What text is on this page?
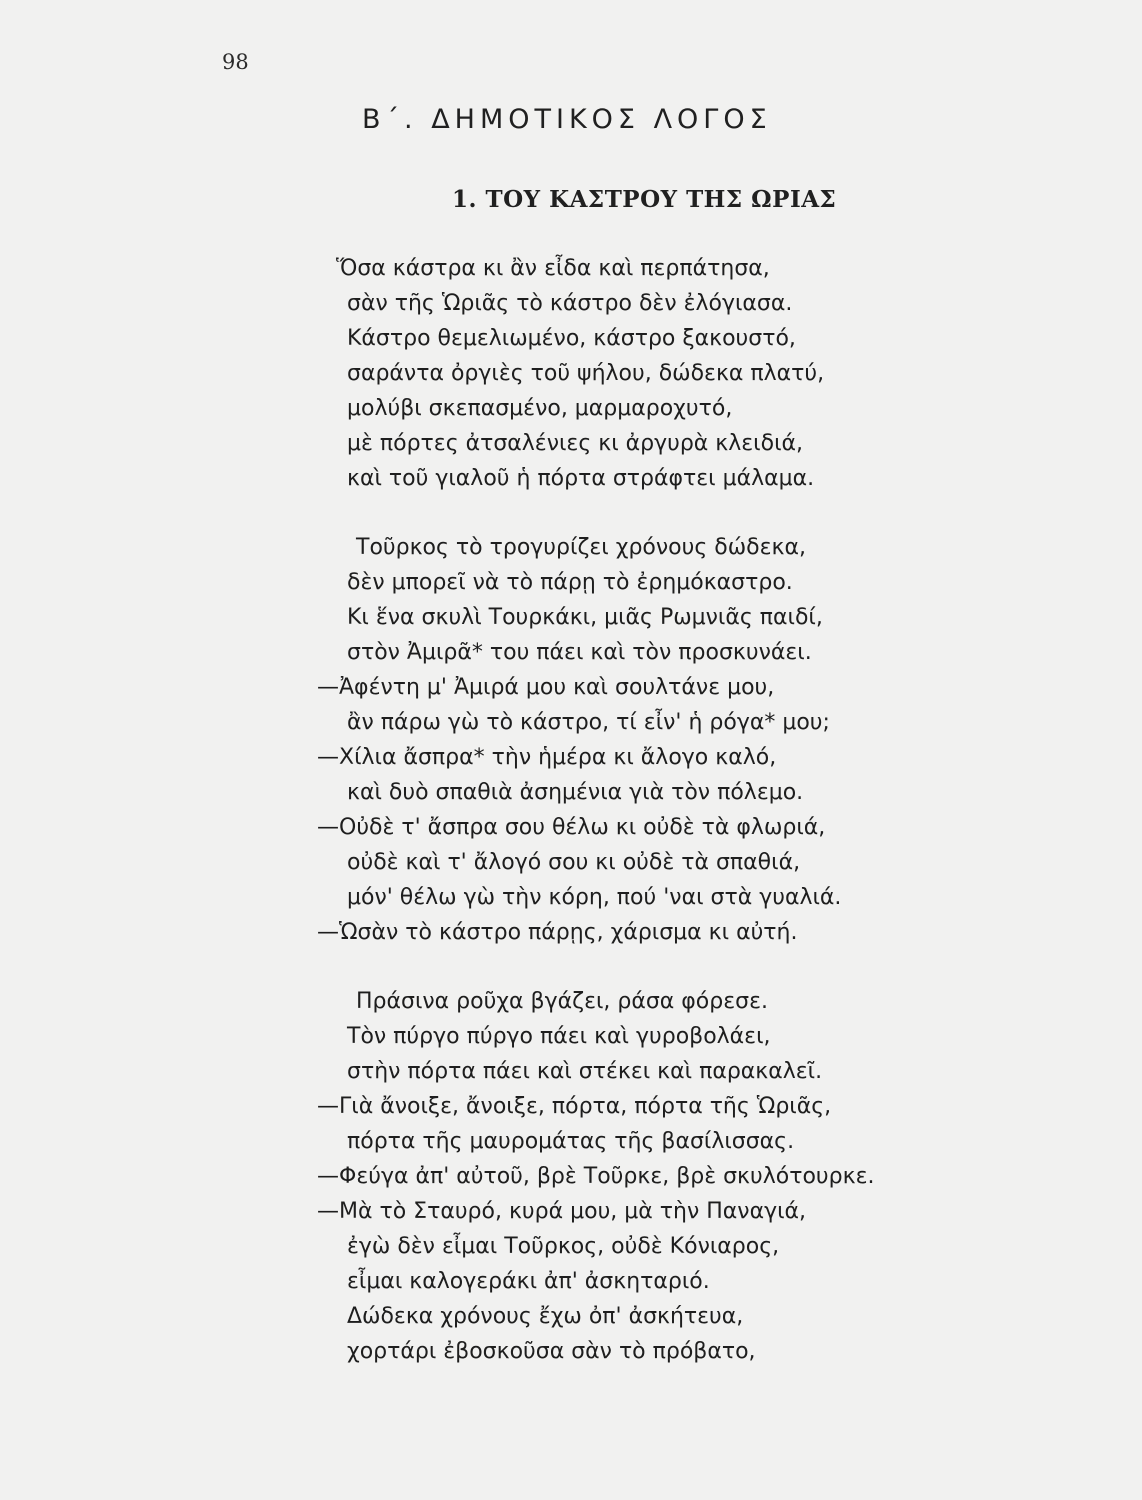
98
Β΄. ΔΗΜΟΤΙΚΟΣ ΛΟΓΟΣ
1. ΤΟΥ ΚΑΣΤΡΟΥ ΤΗΣ ΩΡΙΑΣ
Ὅσα κάστρα κι ἂν εἶδα καὶ περπάτησα,
σὰν τῆς Ὡριᾶς τὸ κάστρο δὲν ἐλόγιασα.
Κάστρο θεμελιωμένο, κάστρο ξακουστό,
σαράντα ὀργιὲς τοῦ ψήλου, δώδεκα πλατύ,
μολύβι σκεπασμένο, μαρμαροχυτό,
μὲ πόρτες ἀτσαλένιες κι ἀργυρὰ κλειδιά,
καὶ τοῦ γιαλοῦ ἡ πόρτα στράφτει μάλαμα.
Τοῦρκος τὸ τρογυρίζει χρόνους δώδεκα,
δὲν μπορεῖ νὰ τὸ πάρῃ τὸ ἐρημόκαστρο.
Κι ἕνα σκυλὶ Τουρκάκι, μιᾶς Ρωμνιᾶς παιδί,
στὸν Ἀμιρᾶ* του πάει καὶ τὸν προσκυνάει.
—Ἀφέντη μ' Ἀμιρά μου καὶ σουλτάνε μου,
ἂν πάρω γὼ τὸ κάστρο, τί εἶν' ἡ ρόγα* μου;
—Χίλια ἄσπρα* τὴν ἡμέρα κι ἄλογο καλό,
καὶ δυὸ σπαθιὰ ἀσημένια γιὰ τὸν πόλεμο.
—Οὐδὲ τ' ἄσπρα σου θέλω κι οὐδὲ τὰ φλωριά,
οὐδὲ καὶ τ' ἄλογό σου κι οὐδὲ τὰ σπαθιά,
μόν' θέλω γὼ τὴν κόρη, πού 'ναι στὰ γυαλιά.
—Ὡσὰν τὸ κάστρο πάρῃς, χάρισμα κι αὐτή.
Πράσινα ροῦχα βγάζει, ράσα φόρεσε.
Τὸν πύργο πύργο πάει καὶ γυροβολάει,
στὴν πόρτα πάει καὶ στέκει καὶ παρακαλεῖ.
—Γιὰ ἄνοιξε, ἄνοιξε, πόρτα, πόρτα τῆς Ὡριᾶς,
πόρτα τῆς μαυρομάτας τῆς βασίλισσας.
—Φεύγα ἀπ' αὐτοῦ, βρὲ Τοῦρκε, βρὲ σκυλότουρκε.
—Μὰ τὸ Σταυρό, κυρά μου, μὰ τὴν Παναγιά,
ἐγὼ δὲν εἶμαι Τοῦρκος, οὐδὲ Κόνιαρος,
εἶμαι καλογεράκι ἀπ' ἀσκηταριό.
Δώδεκα χρόνους ἔχω ὀπ' ἀσκήτευα,
χορτάρι ἐβοσκοῦσα σὰν τὸ πρόβατο,
